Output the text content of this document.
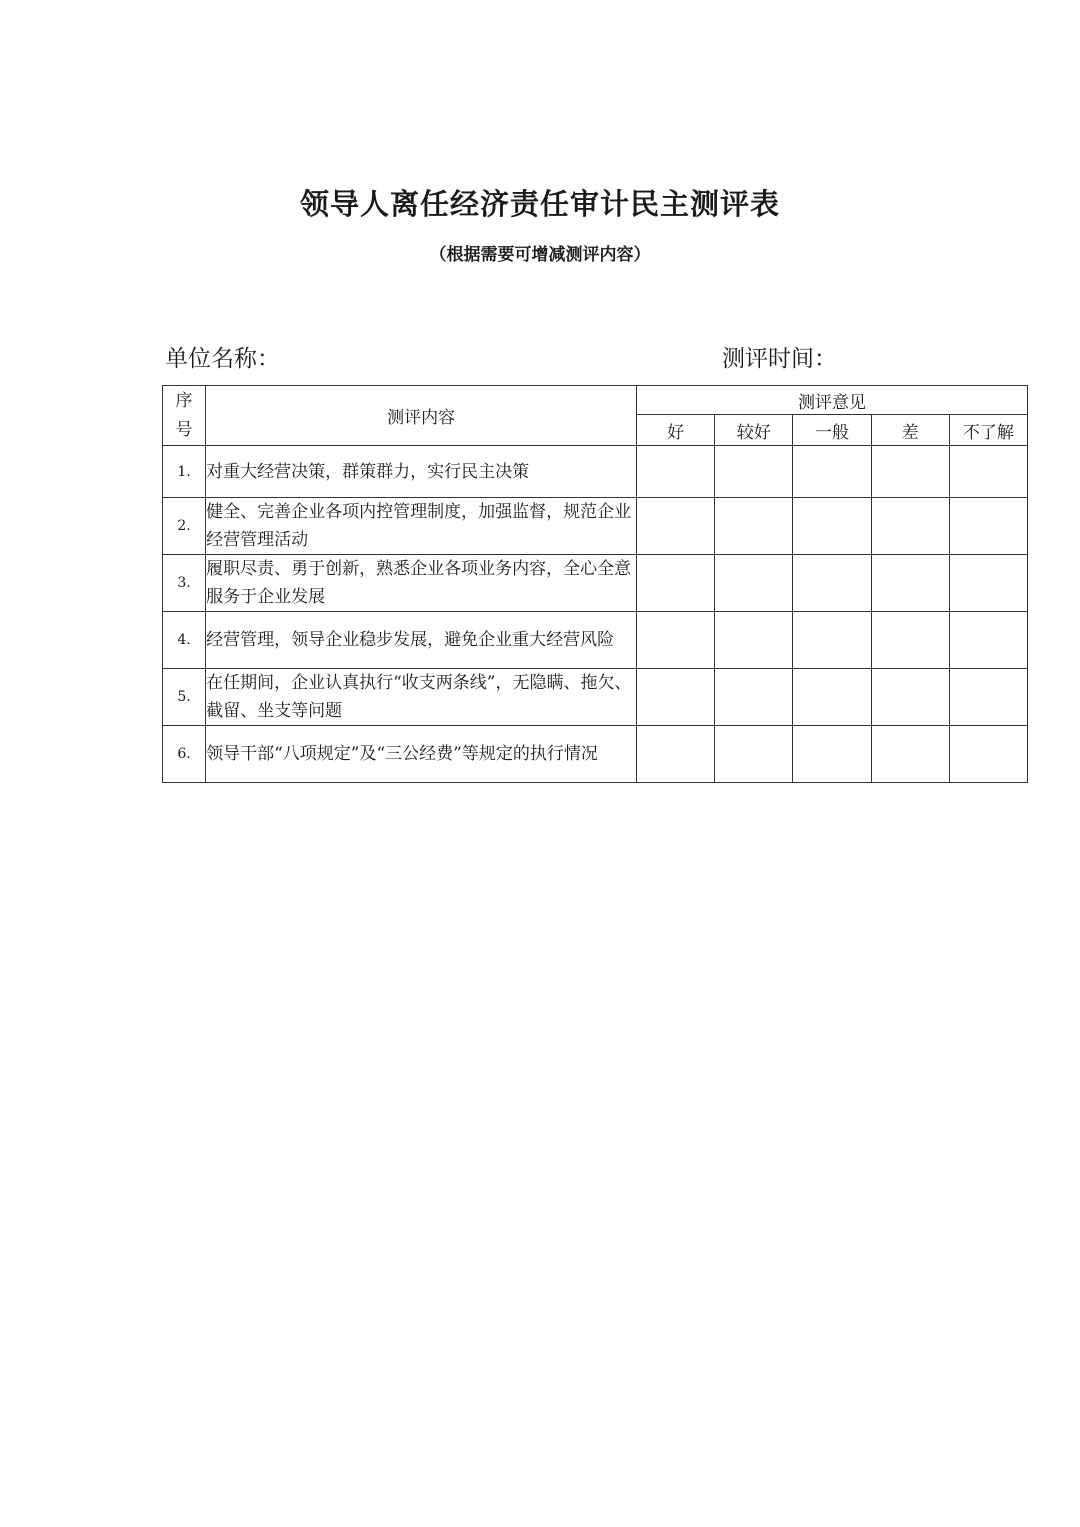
领导人离任经济责任审计民主测评表
（根据需要可增减测评内容）
单位名称：	测评时间：
序
号	测评内容	测评意见				
		好	较好	一般	差	不了解
1.	对重大经营决策，群策群力，实行民主决策					
2.	健全、完善企业各项内控管理制度，加强监督，规范企业经营管理活动					
3.	履职尽责、勇于创新，熟悉企业各项业务内容，全心全意服务于企业发展					
4.	经营管理，领导企业稳步发展，避免企业重大经营风险					
5.	在任期间，企业认真执行“收支两条线”，无隐瞒、拖欠、截留、坐支等问题					
6.	领导干部“八项规定”及“三公经费”等规定的执行情况					
